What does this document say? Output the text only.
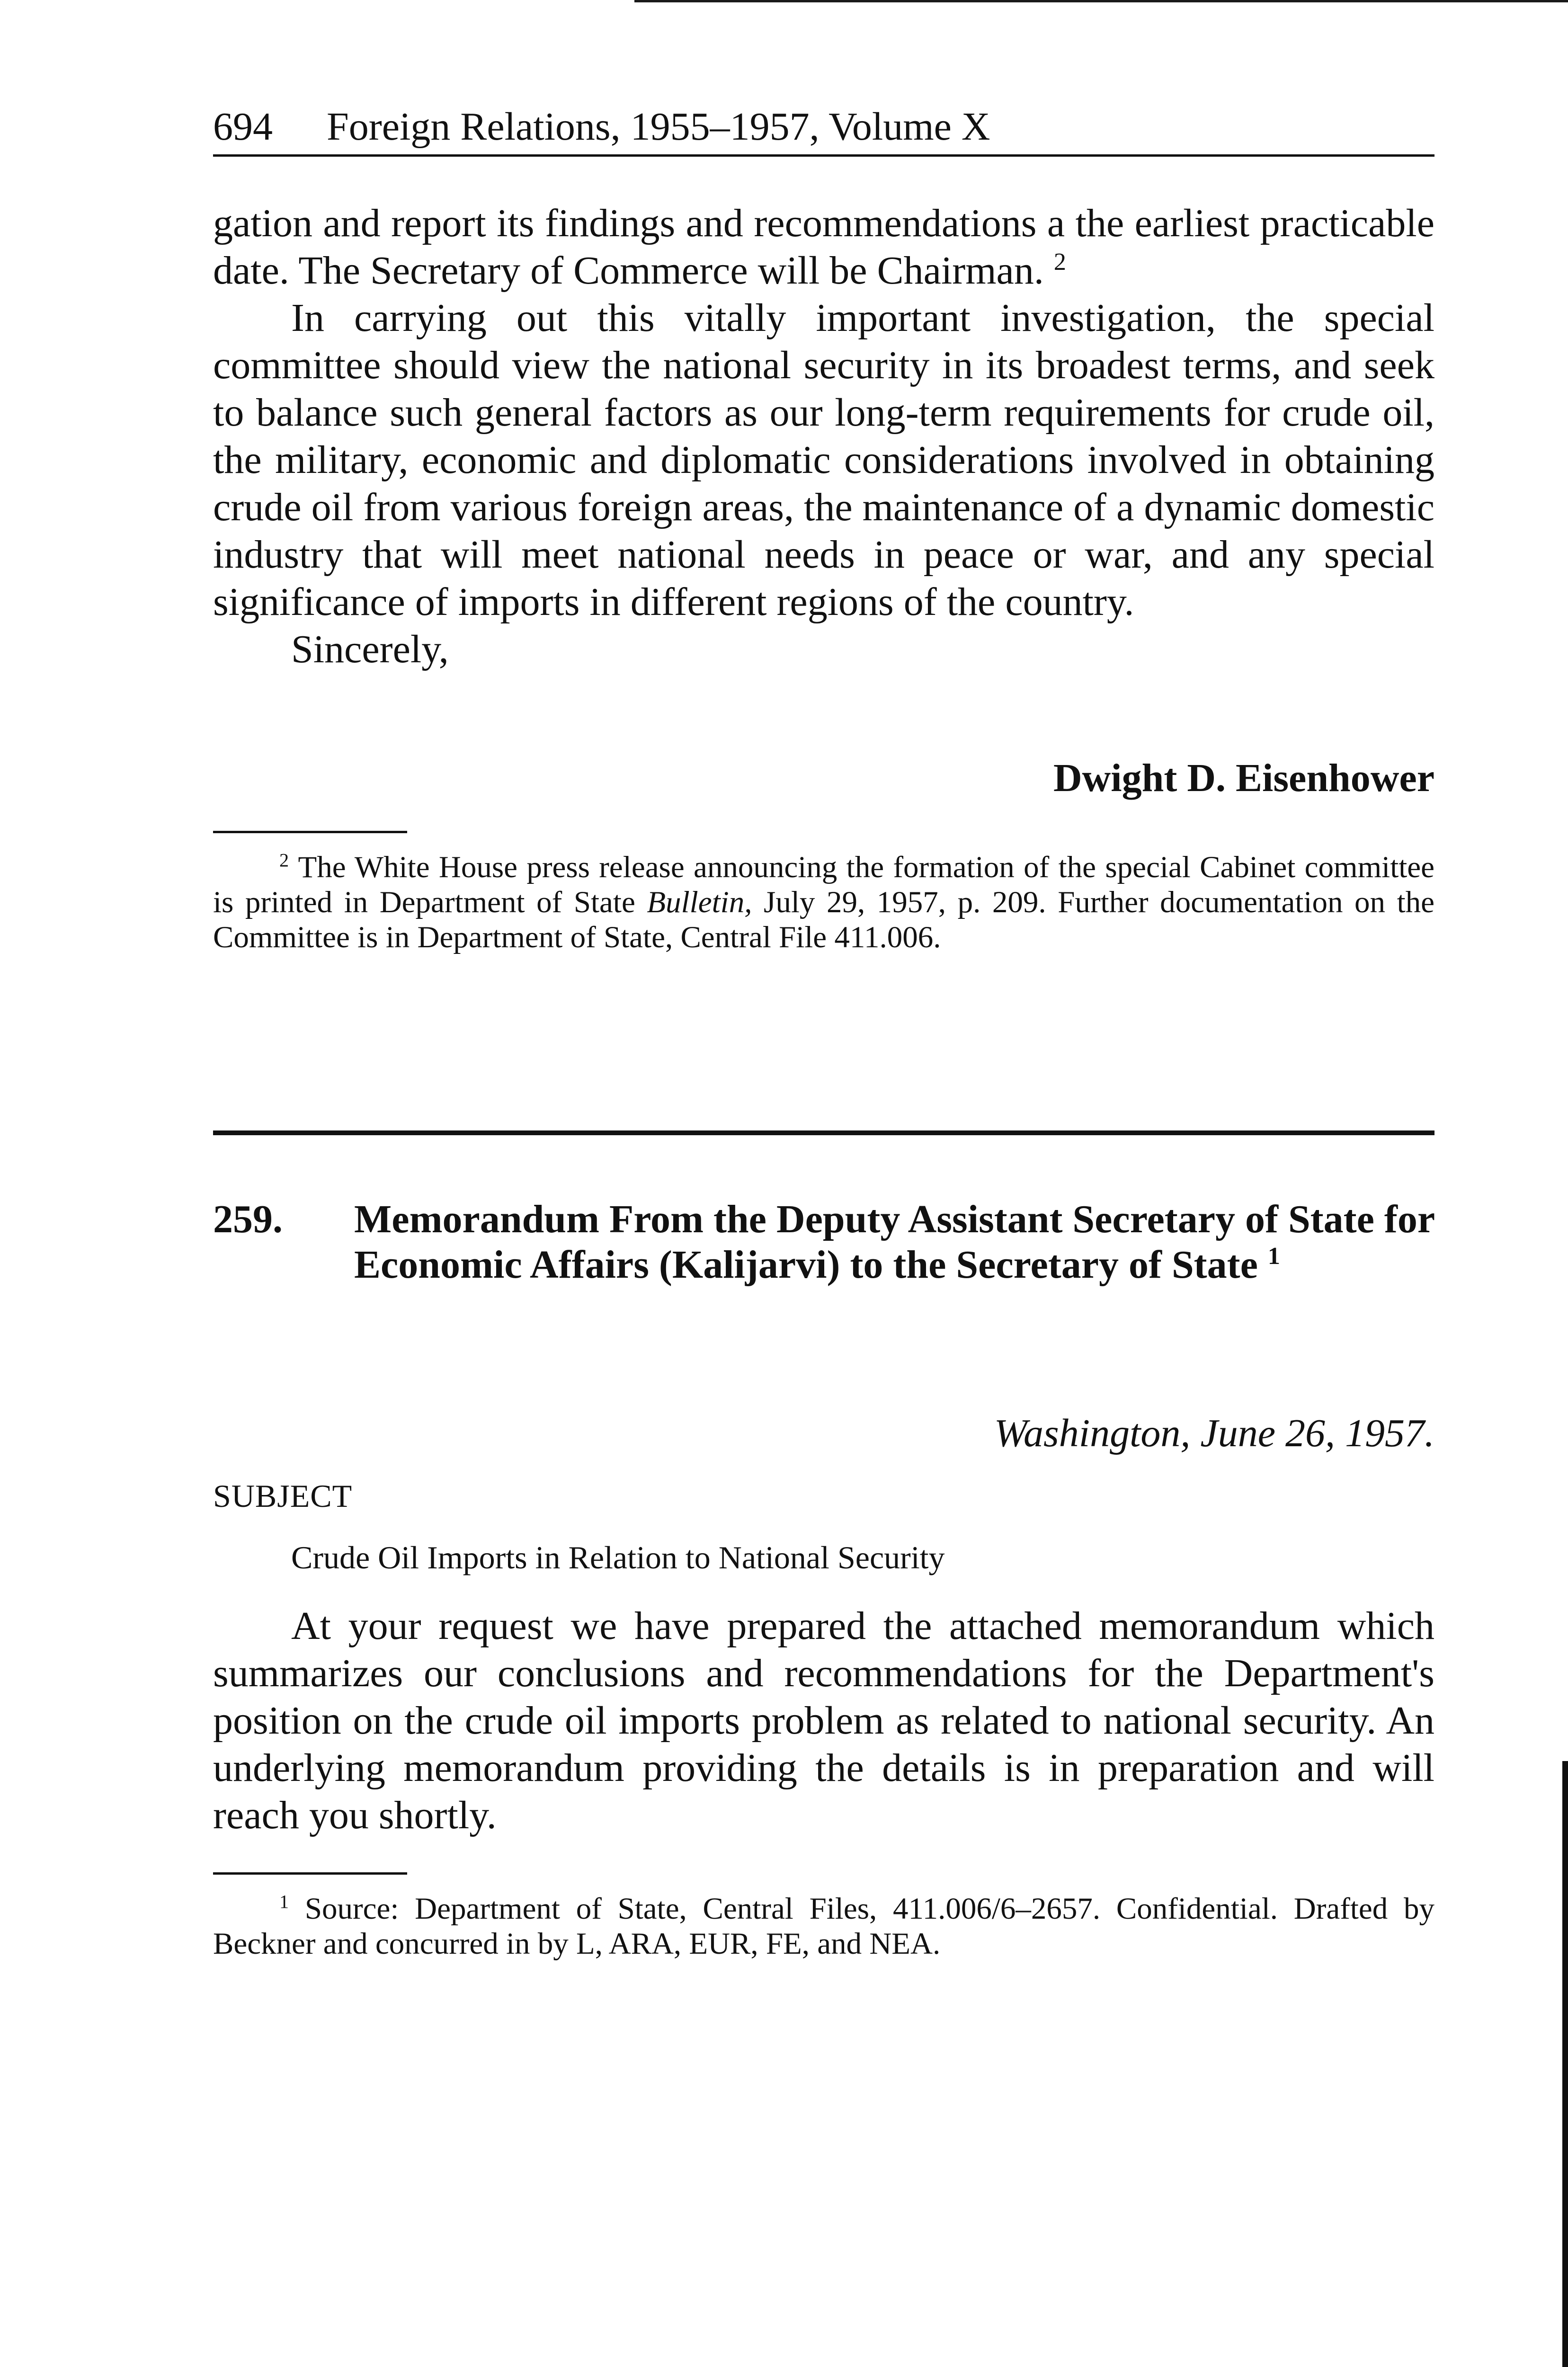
694 Foreign Relations, 1955–1957, Volume X

gation and report its findings and recommendations a the earliest practicable date. The Secretary of Commerce will be Chairman. $^2$

In carrying out this vitally important investigation, the special committee should view the national security in its broadest terms, and seek to balance such general factors as our long-term requirements for crude oil, the military, economic and diplomatic considerations involved in obtaining crude oil from various foreign areas, the maintenance of a dynamic domestic industry that will meet national needs in peace or war, and any special significance of imports in different regions of the country.

Sincerely,

Dwight D. Eisenhower

$^2$ The White House press release announcing the formation of the special Cabinet committee is printed in Department of State Bulletin, July 29, 1957, p. 209. Further documentation on the Committee is in Department of State, Central File 411.006.

259. Memorandum From the Deputy Assistant Secretary of State for Economic Affairs (Kalijarvi) to the Secretary of State $^1$
Washington, June 26, 1957.
SUBJECT
Crude Oil Imports in Relation to National Security

At your request we have prepared the attached memorandum which summarizes our conclusions and recommendations for the Department's position on the crude oil imports problem as related to national security. An underlying memorandum providing the details is in preparation and will reach you shortly.

$^1$ Source: Department of State, Central Files, 411.006/6–2657. Confidential. Drafted by Beckner and concurred in by L, ARA, EUR, FE, and NEA.
